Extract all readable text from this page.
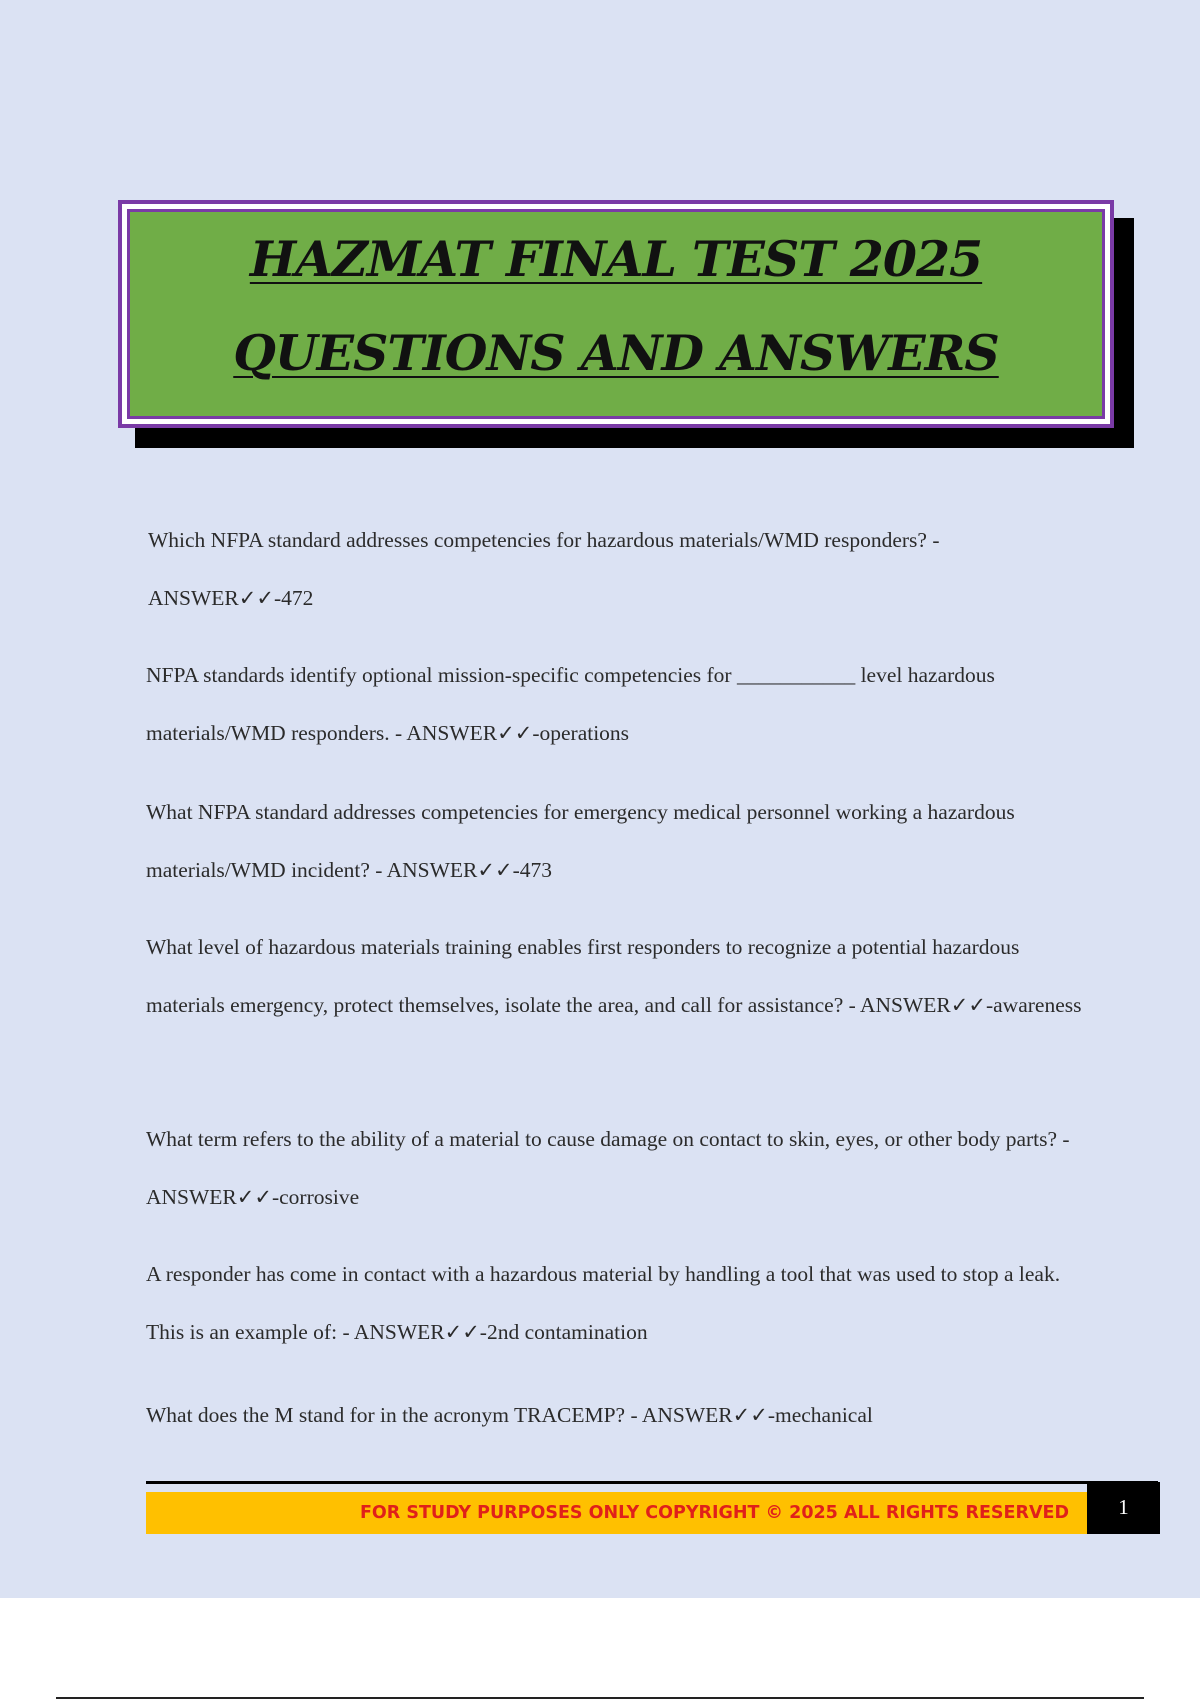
HAZMAT FINAL TEST 2025
QUESTIONS AND ANSWERS

Which NFPA standard addresses competencies for hazardous materials/WMD responders? - ANSWER✓✓-472

NFPA standards identify optional mission-specific competencies for ___________ level hazardous materials/WMD responders. - ANSWER✓✓-operations

What NFPA standard addresses competencies for emergency medical personnel working a hazardous materials/WMD incident? - ANSWER✓✓-473

What level of hazardous materials training enables first responders to recognize a potential hazardous materials emergency, protect themselves, isolate the area, and call for assistance? - ANSWER✓✓-awareness

What term refers to the ability of a material to cause damage on contact to skin, eyes, or other body parts? - ANSWER✓✓-corrosive

A responder has come in contact with a hazardous material by handling a tool that was used to stop a leak. This is an example of: - ANSWER✓✓-2nd contamination

What does the M stand for in the acronym TRACEMP? - ANSWER✓✓-mechanical

FOR STUDY PURPOSES ONLY COPYRIGHT © 2025 ALL RIGHTS RESERVED	1
